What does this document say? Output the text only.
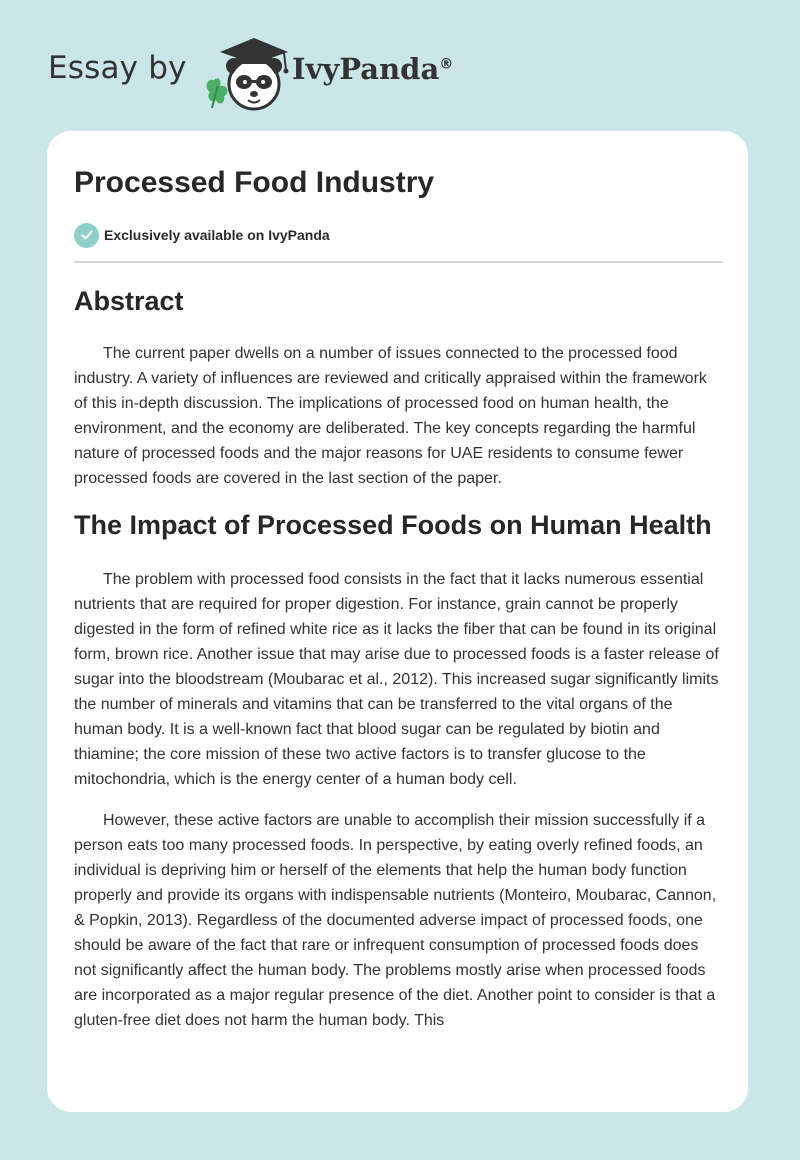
Essay by	IvyPanda®
Processed Food Industry
Exclusively available on IvyPanda
Abstract

The current paper dwells on a number of issues connected to the processed food industry. A variety of influences are reviewed and critically appraised within the framework of this in-depth discussion. The implications of processed food on human health, the environment, and the economy are deliberated. The key concepts regarding the harmful nature of processed foods and the major reasons for UAE residents to consume fewer processed foods are covered in the last section of the paper.

The Impact of Processed Foods on Human Health

The problem with processed food consists in the fact that it lacks numerous essential nutrients that are required for proper digestion. For instance, grain cannot be properly digested in the form of refined white rice as it lacks the fiber that can be found in its original form, brown rice. Another issue that may arise due to processed foods is a faster release of sugar into the bloodstream (Moubarac et al., 2012). This increased sugar significantly limits the number of minerals and vitamins that can be transferred to the vital organs of the human body. It is a well-known fact that blood sugar can be regulated by biotin and thiamine; the core mission of these two active factors is to transfer glucose to the mitochondria, which is the energy center of a human body cell.

However, these active factors are unable to accomplish their mission successfully if a person eats too many processed foods. In perspective, by eating overly refined foods, an individual is depriving him or herself of the elements that help the human body function properly and provide its organs with indispensable nutrients (Monteiro, Moubarac, Cannon, & Popkin, 2013). Regardless of the documented adverse impact of processed foods, one should be aware of the fact that rare or infrequent consumption of processed foods does not significantly affect the human body. The problems mostly arise when processed foods are incorporated as a major regular presence of the diet. Another point to consider is that a gluten-free diet does not harm the human body. This
